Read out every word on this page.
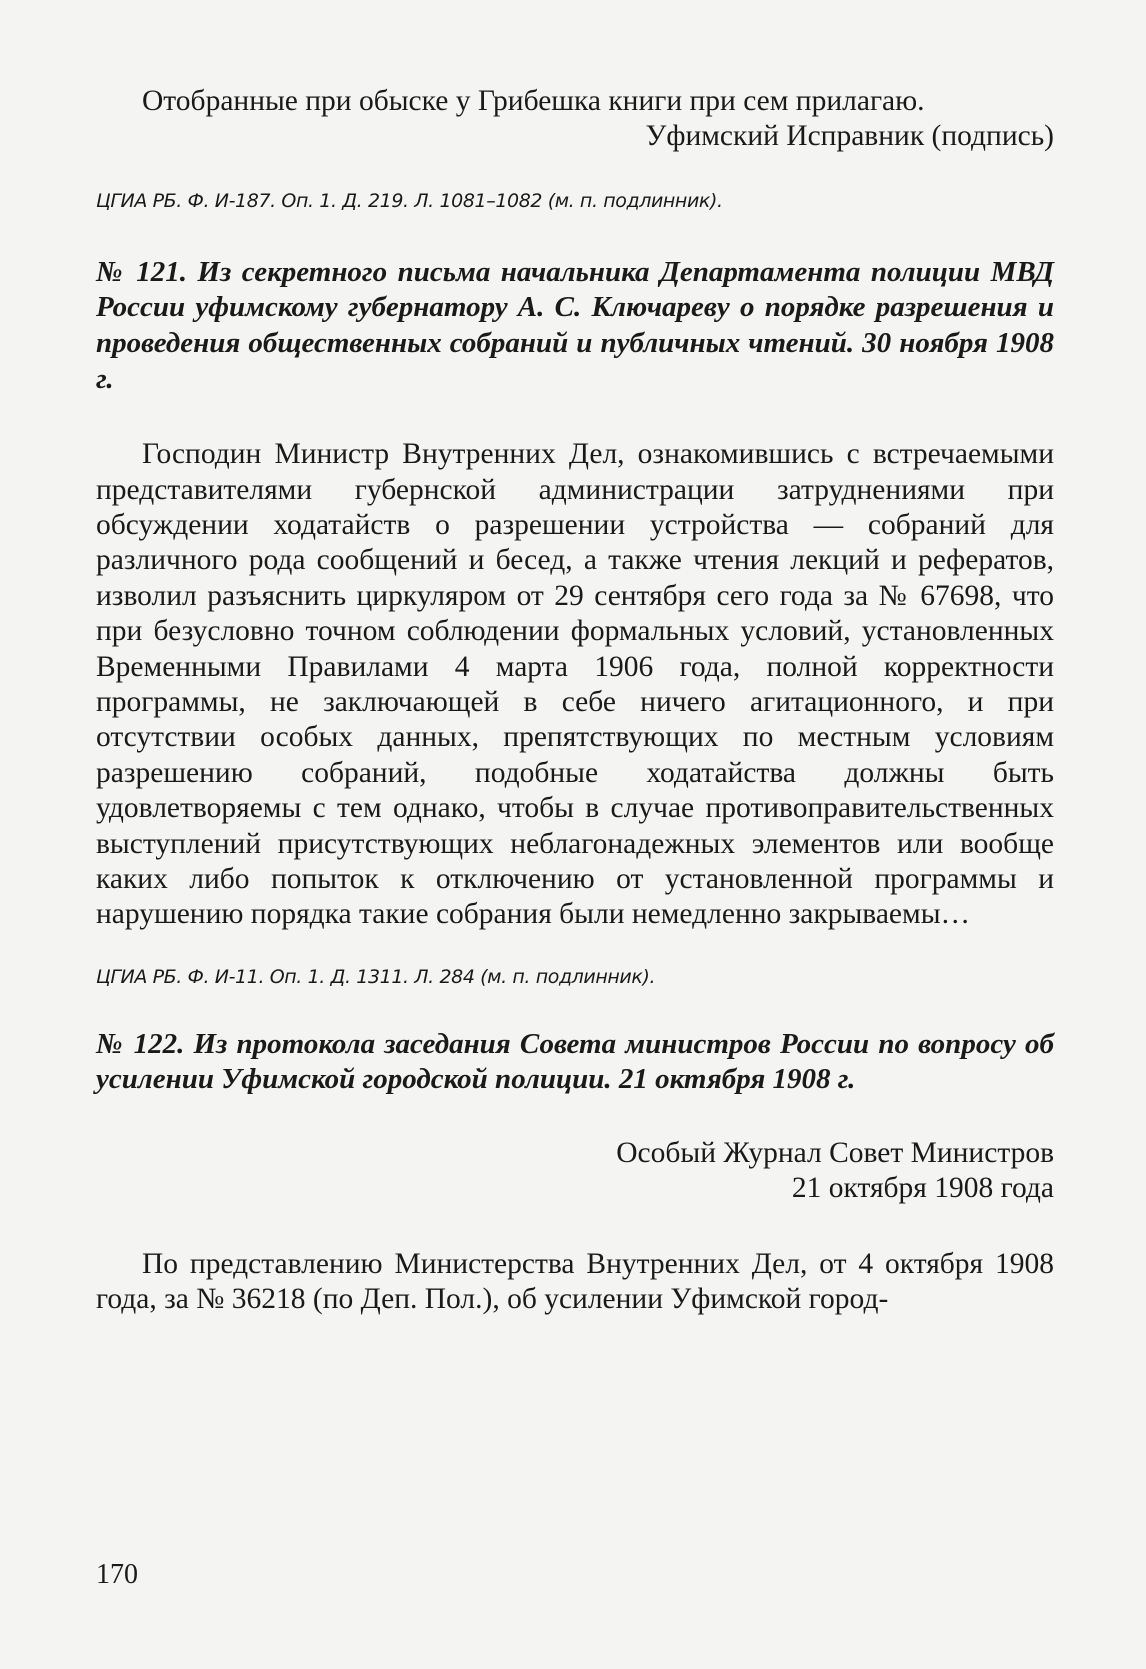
Отобранные при обыске у Грибешка книги при сем прилагаю.

Уфимский Исправник (подпись)

ЦГИА РБ. Ф. И-187. Оп. 1. Д. 219. Л. 1081–1082 (м. п. подлинник).

№ 121. Из секретного письма начальника Департамента полиции МВД России уфимскому губернатору А. С. Ключареву о порядке разрешения и проведения общественных собраний и публичных чтений. 30 ноября 1908 г.

Господин Министр Внутренних Дел, ознакомившись с встречаемыми представителями губернской администрации затруднениями при обсуждении ходатайств о разрешении устройства — собраний для различного рода сообщений и бесед, а также чтения лекций и рефератов, изволил разъяснить циркуляром от 29 сентября сего года за № 67698, что при безусловно точном соблюдении формальных условий, установленных Временными Правилами 4 марта 1906 года, полной корректности программы, не заключающей в себе ничего агитационного, и при отсутствии особых данных, препятствующих по местным условиям разрешению собраний, подобные ходатайства должны быть удовлетворяемы с тем однако, чтобы в случае противоправительственных выступлений присутствующих неблагонадежных элементов или вообще каких либо попыток к отключению от установленной программы и нарушению порядка такие собрания были немедленно закрываемы…

ЦГИА РБ. Ф. И-11. Оп. 1. Д. 1311. Л. 284 (м. п. подлинник).

№ 122. Из протокола заседания Совета министров России по вопросу об усилении Уфимской городской полиции. 21 октября 1908 г.

Особый Журнал Совет Министров

21 октября 1908 года

По представлению Министерства Внутренних Дел, от 4 октября 1908 года, за № 36218 (по Деп. Пол.), об усилении Уфимской город-

170
